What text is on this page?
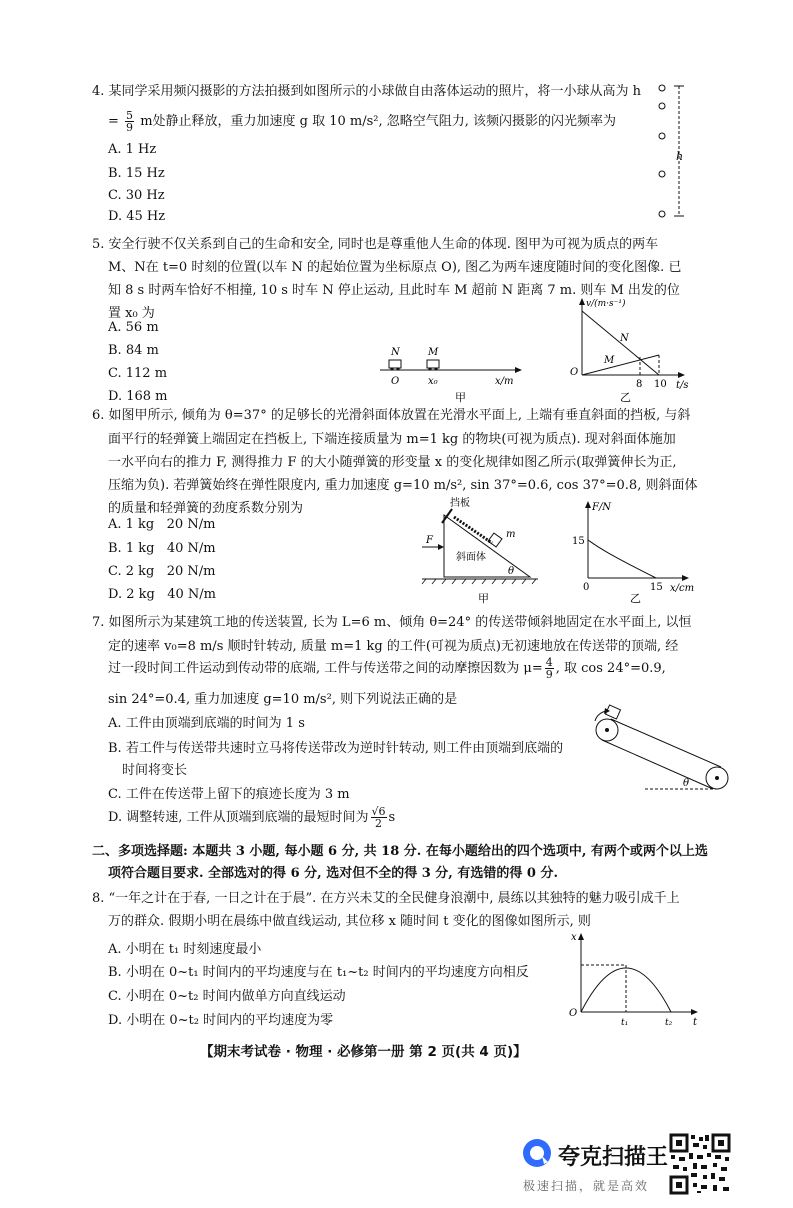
4. 某同学采用频闪摄影的方法拍摄到如图所示的小球做自由落体运动的照片，将一小球从高为 h
= $\frac{5}{9}$ m处静止释放，重力加速度 g 取 10 m/s², 忽略空气阻力, 该频闪摄影的闪光频率为
A. 1 Hz
B. 15 Hz
C. 30 Hz
D. 45 Hz
h
5. 安全行驶不仅关系到自己的生命和安全, 同时也是尊重他人生命的体现. 图甲为可视为质点的两车
M、N在 t=0 时刻的位置(以车 N 的起始位置为坐标原点 O), 图乙为两车速度随时间的变化图像. 已
知 8 s 时两车恰好不相撞, 10 s 时车 N 停止运动, 且此时车 M 超前 N 距离 7 m. 则车 M 出发的位
置 x₀ 为
A. 56 m
B. 84 m
C. 112 m
D. 168 m
N	M
O	x₀	x/m
甲
v/(m·s⁻¹)
N
M
O
8 10 t/s
乙
6. 如图甲所示, 倾角为 θ=37° 的足够长的光滑斜面体放置在光滑水平面上, 上端有垂直斜面的挡板, 与斜
面平行的轻弹簧上端固定在挡板上, 下端连接质量为 m=1 kg 的物块(可视为质点). 现对斜面体施加
一水平向右的推力 F, 测得推力 F 的大小随弹簧的形变量 x 的变化规律如图乙所示(取弹簧伸长为正,
压缩为负). 若弹簧始终在弹性限度内, 重力加速度 g=10 m/s², sin 37°=0.6, cos 37°=0.8, 则斜面体
的质量和轻弹簧的劲度系数分别为
A. 1 kg   20 N/m
B. 1 kg   40 N/m
C. 2 kg   20 N/m
D. 2 kg   40 N/m
挡板
F
m
斜面体
θ
甲
F/N
15
0	15 x/cm
乙
7. 如图所示为某建筑工地的传送装置, 长为 L=6 m、倾角 θ=24° 的传送带倾斜地固定在水平面上, 以恒
定的速率 v₀=8 m/s 顺时针转动, 质量 m=1 kg 的工件(可视为质点)无初速地放在传送带的顶端, 经
过一段时间工件运动到传动带的底端, 工件与传送带之间的动摩擦因数为 $\mu= \frac{4}{9}$ , 取 cos 24°=0.9,
sin 24°=0.4, 重力加速度 g=10 m/s², 则下列说法正确的是
A. 工件由顶端到底端的时间为 1 s
B. 若工件与传送带共速时立马将传送带改为逆时针转动, 则工件由顶端到底端的
时间将变长
C. 工件在传送带上留下的痕迹长度为 3 m
D. 调整转速, 工件从顶端到底端的最短时间为 $\frac{√6}{2}$ s
θ
二、多项选择题: 本题共 3 小题, 每小题 6 分, 共 18 分. 在每小题给出的四个选项中, 有两个或两个以上选
项符合题目要求. 全部选对的得 6 分, 选对但不全的得 3 分, 有选错的得 0 分.
8. “一年之计在于春, 一日之计在于晨”. 在方兴未艾的全民健身浪潮中, 晨练以其独特的魅力吸引成千上
万的群众. 假期小明在晨练中做直线运动, 其位移 x 随时间 t 变化的图像如图所示, 则
A. 小明在 t₁ 时刻速度最小
B. 小明在 0~t₁ 时间内的平均速度与在 t₁~t₂ 时间内的平均速度方向相反
C. 小明在 0~t₂ 时间内做单方向直线运动
D. 小明在 0~t₂ 时间内的平均速度为零
x
O
t₁	t₂ t
【期末考试卷 · 物理 · 必修第一册 第 2 页(共 4 页)】
夸克扫描王
极速扫描，就是高效
